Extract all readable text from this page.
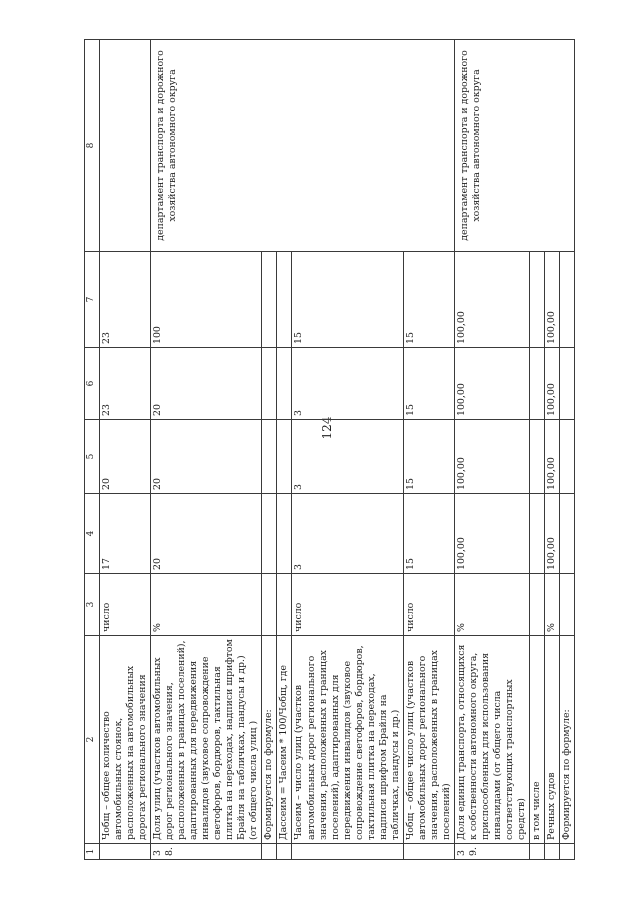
124
1	2	3	4	5	6	7	8
	Чобщ – общее количество автомобильных стоянок, расположенных на автомобильных дорогах регионального значения	число	17	20	23	23	
38.	Доля улиц (участков автомобильных дорог регионального значения, расположенных в границах поселений), адаптированных для передвижения инвалидов (звуковое сопровождение светофоров, бордюров, тактильная плитка на переходах, надписи шрифтом Брайля на табличках, пандусы и др.) (от общего числа улиц )	%	20	20	20	100	департамент транспорта и дорожного хозяйства автономного округа
	Формируется по формуле:						
	Дассеим = Часеим * 100/Чобщ, где						
	Часеим – число улиц (участков автомобильных дорог регионального значения, расположенных в границах поселений), адаптированных для передвижения инвалидов (звуковое сопровождение светофоров, бордюров, тактильная плитка на переходах, надписи шрифтом Брайля на табличках, пандусы и др.)	число	3	3	3	15	
	Чобщ – общее число улиц (участков автомобильных дорог регионального значения, расположенных в границах поселений)	число	15	15	15	15	
39.	Доля единиц транспорта, относящихся к собственности автономного округа, приспособленных для использования инвалидами (от общего числа соответствующих транспортных средств)	%	100,00	100,00	100,00	100,00	департамент транспорта и дорожного хозяйства автономного округа
	в том числе						
	Речных судов	%	100,00	100,00	100,00	100,00	
	Формируется по формуле:						
